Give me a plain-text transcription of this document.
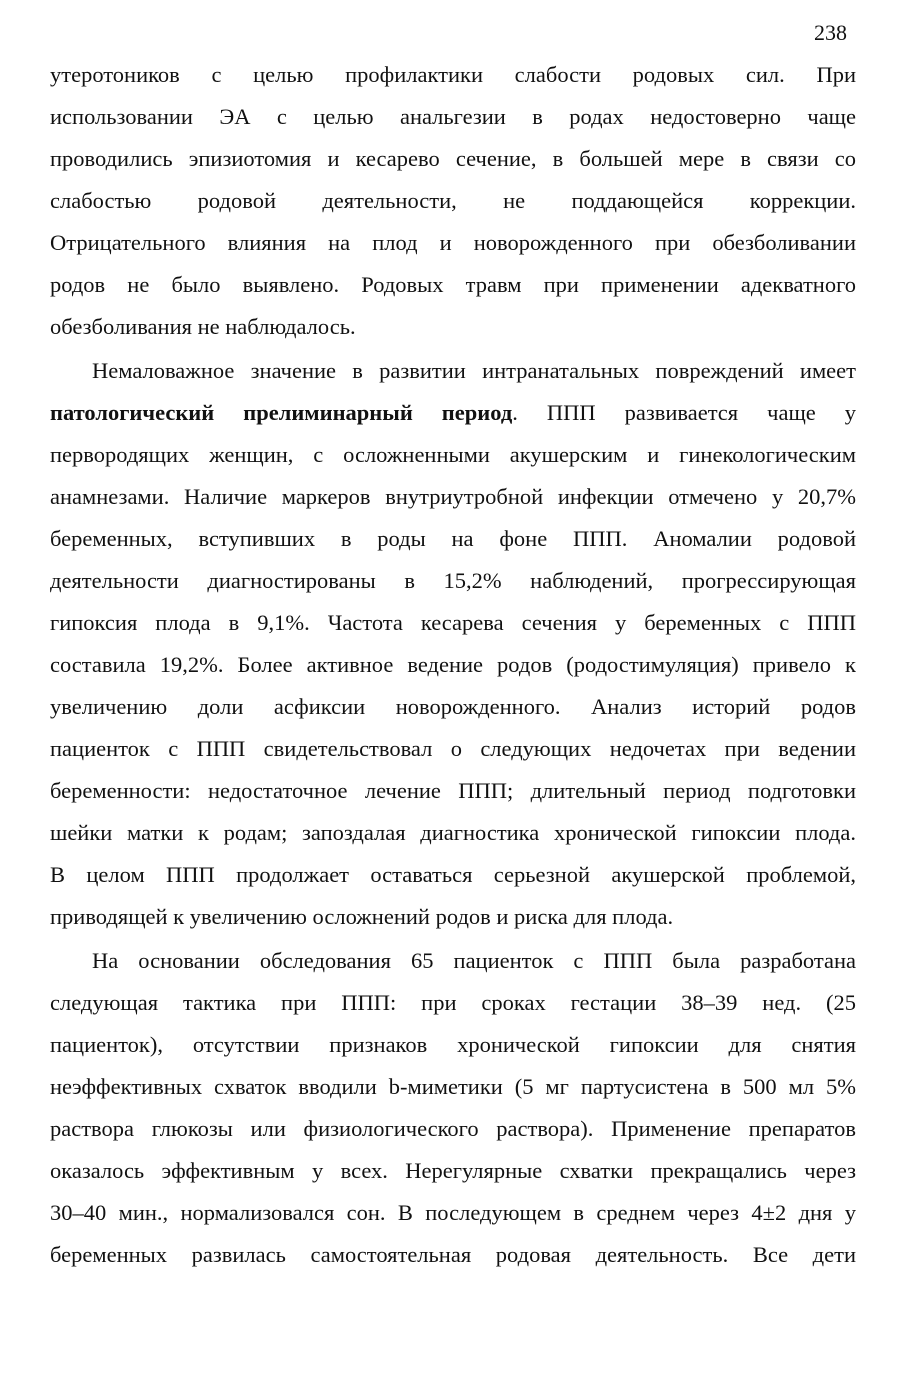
238
утеротоников с целью профилактики слабости родовых сил. При
использовании ЭА с целью анальгезии в родах недостоверно чаще
проводились эпизиотомия и кесарево сечение, в большей мере в связи со
слабостью родовой деятельности, не поддающейся коррекции.
Отрицательного влияния на плод и новорожденного при обезболивании
родов не было выявлено. Родовых травм при применении адекватного
обезболивания не наблюдалось.
Немаловажное значение в развитии интранатальных повреждений имеет
патологический прелиминарный период. ППП развивается чаще у
первородящих женщин, с осложненными акушерским и гинекологическим
анамнезами. Наличие маркеров внутриутробной инфекции отмечено у 20,7%
беременных, вступивших в роды на фоне ППП. Аномалии родовой
деятельности диагностированы в 15,2% наблюдений, прогрессирующая
гипоксия плода в 9,1%. Частота кесарева сечения у беременных с ППП
составила 19,2%. Более активное ведение родов (родостимуляция) привело к
увеличению доли асфиксии новорожденного. Анализ историй родов
пациенток с ППП свидетельствовал о следующих недочетах при ведении
беременности: недостаточное лечение ППП; длительный период подготовки
шейки матки к родам; запоздалая диагностика хронической гипоксии плода.
В целом ППП продолжает оставаться серьезной акушерской проблемой,
приводящей к увеличению осложнений родов и риска для плода.
На основании обследования 65 пациенток с ППП была разработана
следующая тактика при ППП: при сроках гестации 38–39 нед. (25
пациенток), отсутствии признаков хронической гипоксии для снятия
неэффективных схваток вводили b-миметики (5 мг партусистена в 500 мл 5%
раствора глюкозы или физиологического раствора). Применение препаратов
оказалось эффективным у всех. Нерегулярные схватки прекращались через
30–40 мин., нормализовался сон. В последующем в среднем через 4±2 дня у
беременных развилась самостоятельная родовая деятельность. Все дети
